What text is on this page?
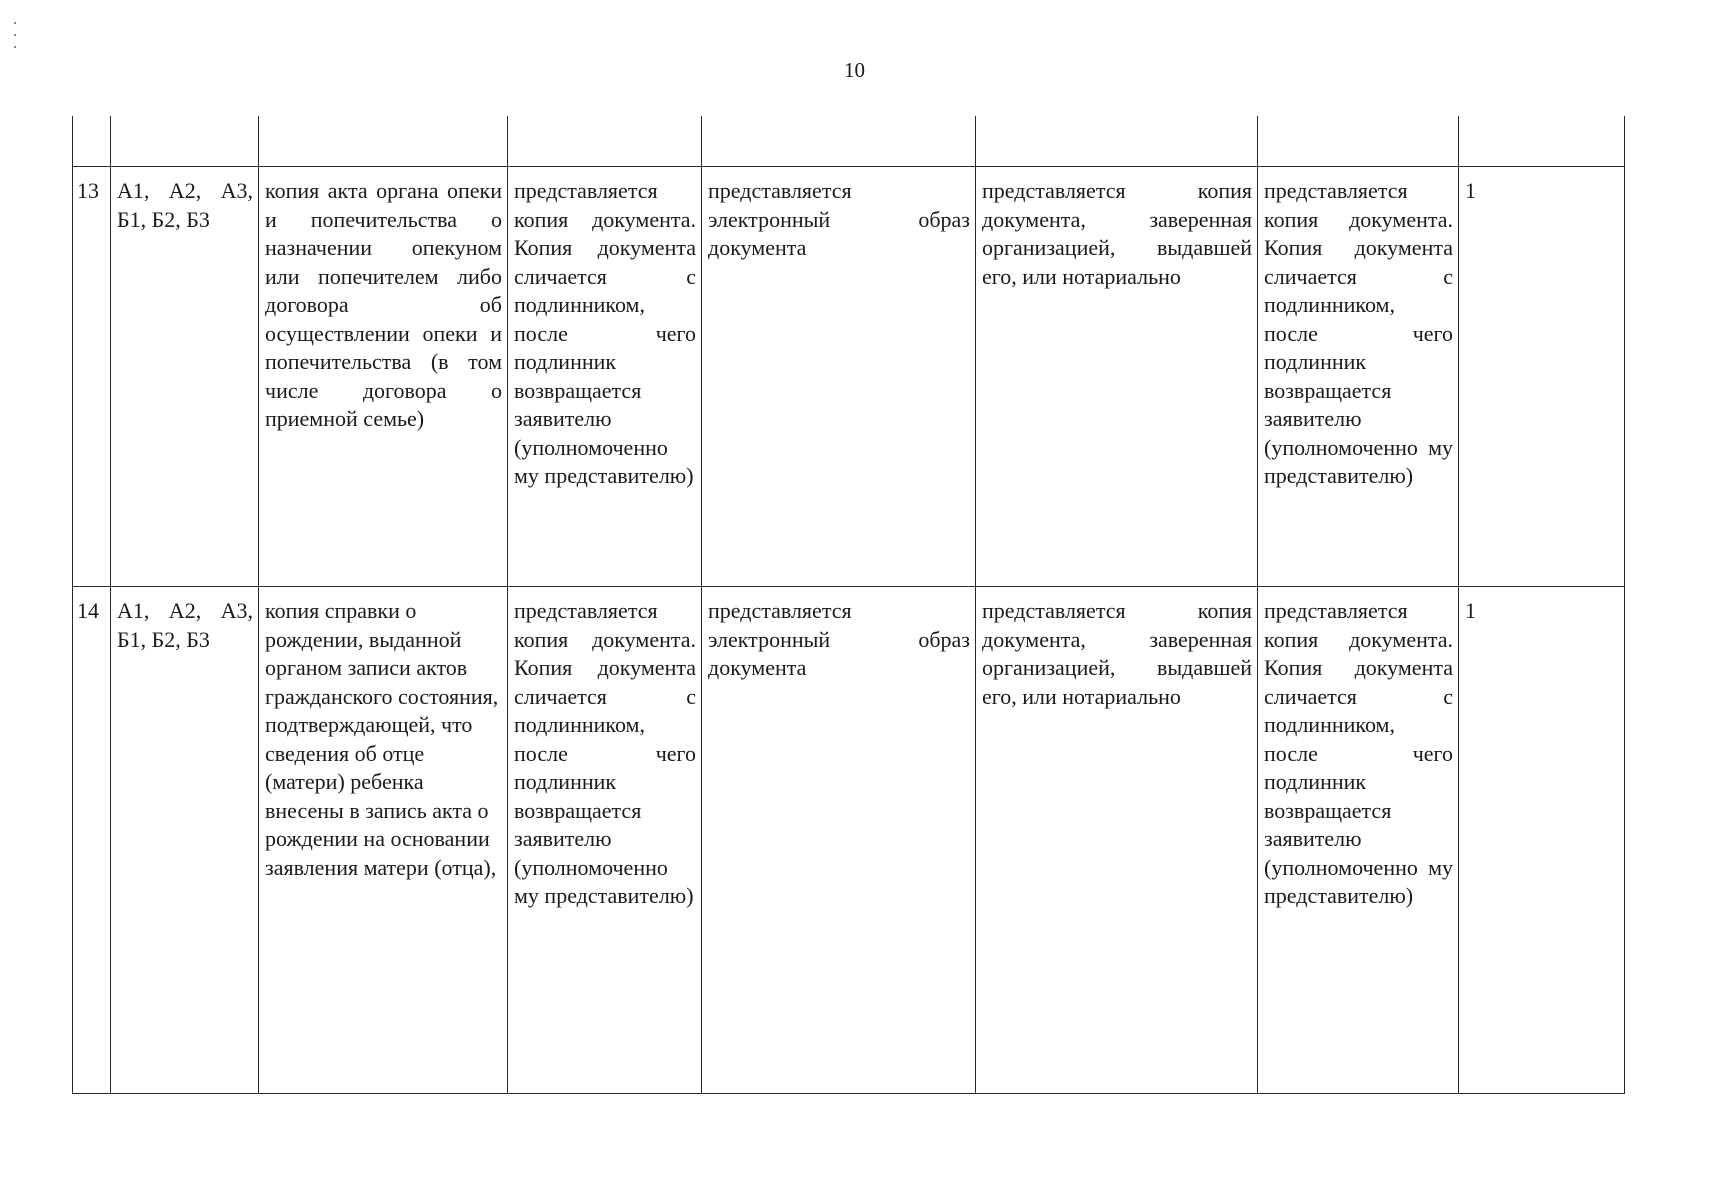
10

13	А1, А2, А3, Б1, Б2, Б3	копия акта органа опеки и попечительства о назначении опекуном или попечителем либо договора об осуществлении опеки и попечительства (в том числе договора о приемной семье)	представляется копия документа. Копия документа сличается с подлинником, после чего подлинник возвращается заявителю (уполномоченно му представителю)	представляется электронный образ документа	представляется копия документа, заверенная организацией, выдавшей его, или нотариально	представляется копия документа. Копия документа сличается с подлинником, после чего подлинник возвращается заявителю (уполномоченно му представителю)	1

14	А1, А2, А3, Б1, Б2, Б3	копия справки о рождении, выданной органом записи актов гражданского состояния, подтверждающей, что сведения об отце (матери) ребенка внесены в запись акта о рождении на основании заявления матери (отца),	представляется копия документа. Копия документа сличается с подлинником, после чего подлинник возвращается заявителю (уполномоченно му представителю)	представляется электронный образ документа	представляется копия документа, заверенная организацией, выдавшей его, или нотариально	представляется копия документа. Копия документа сличается с подлинником, после чего подлинник возвращается заявителю (уполномоченно му представителю)	1
